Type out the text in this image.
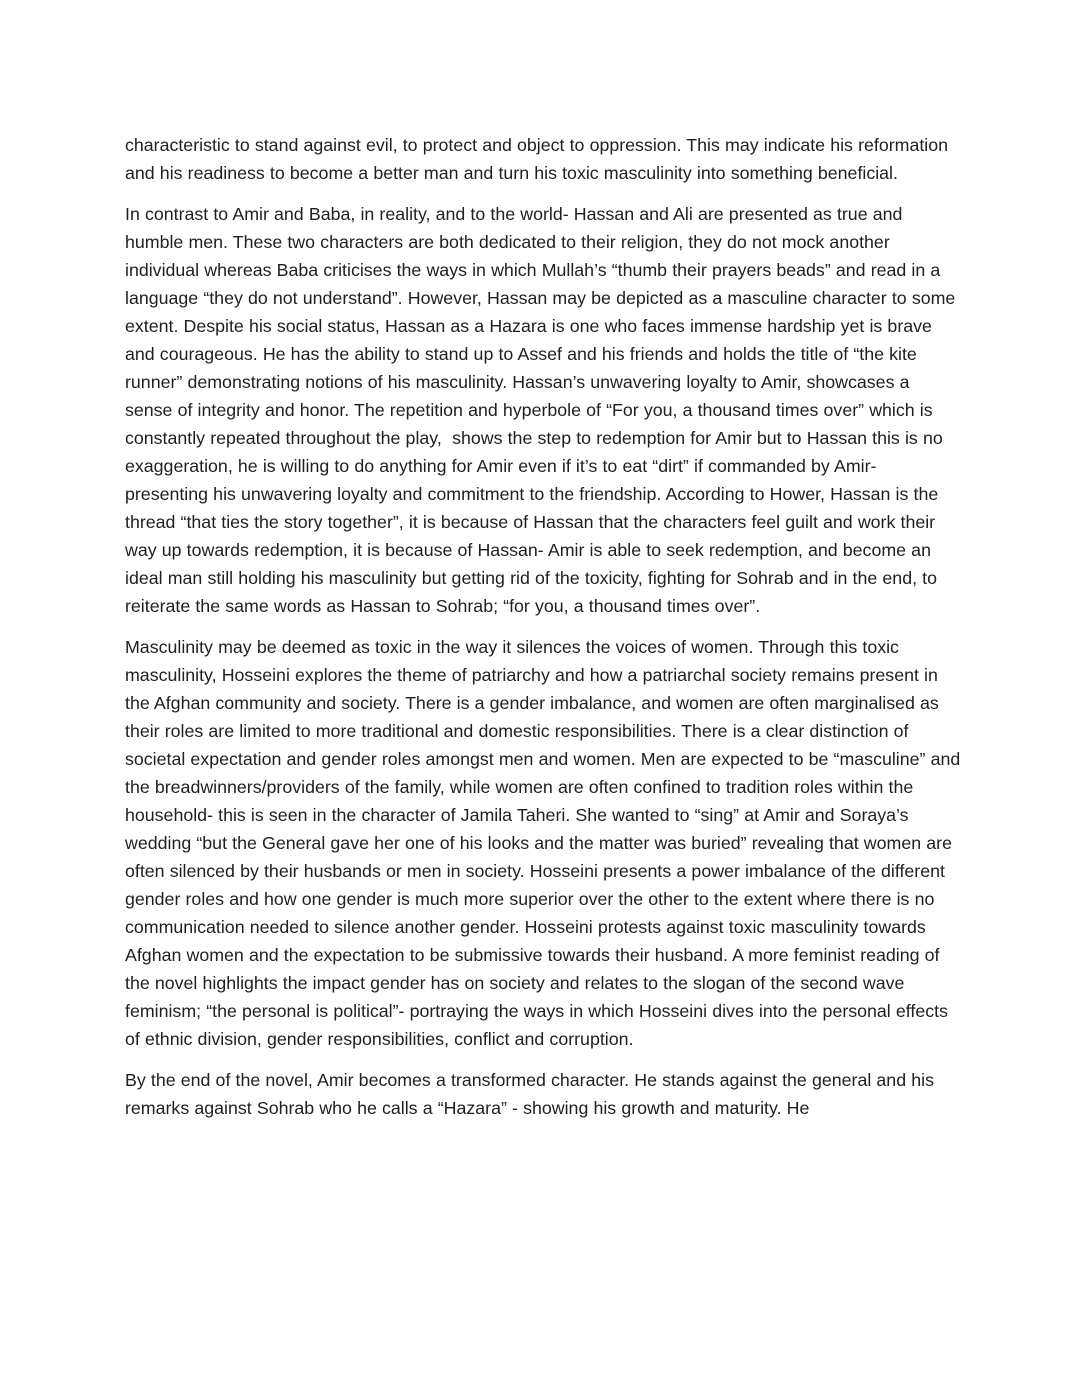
characteristic to stand against evil, to protect and object to oppression. This may indicate his reformation and his readiness to become a better man and turn his toxic masculinity into something beneficial.

In contrast to Amir and Baba, in reality, and to the world- Hassan and Ali are presented as true and humble men. These two characters are both dedicated to their religion, they do not mock another individual whereas Baba criticises the ways in which Mullah’s “thumb their prayers beads” and read in a language “they do not understand”. However, Hassan may be depicted as a masculine character to some extent. Despite his social status, Hassan as a Hazara is one who faces immense hardship yet is brave and courageous. He has the ability to stand up to Assef and his friends and holds the title of “the kite runner” demonstrating notions of his masculinity. Hassan’s unwavering loyalty to Amir, showcases a sense of integrity and honor. The repetition and hyperbole of “For you, a thousand times over” which is constantly repeated throughout the play,  shows the step to redemption for Amir but to Hassan this is no exaggeration, he is willing to do anything for Amir even if it’s to eat “dirt” if commanded by Amir- presenting his unwavering loyalty and commitment to the friendship. According to Hower, Hassan is the thread “that ties the story together”, it is because of Hassan that the characters feel guilt and work their way up towards redemption, it is because of Hassan- Amir is able to seek redemption, and become an ideal man still holding his masculinity but getting rid of the toxicity, fighting for Sohrab and in the end, to reiterate the same words as Hassan to Sohrab; “for you, a thousand times over”.

Masculinity may be deemed as toxic in the way it silences the voices of women. Through this toxic masculinity, Hosseini explores the theme of patriarchy and how a patriarchal society remains present in the Afghan community and society. There is a gender imbalance, and women are often marginalised as their roles are limited to more traditional and domestic responsibilities. There is a clear distinction of societal expectation and gender roles amongst men and women. Men are expected to be “masculine” and the breadwinners/providers of the family, while women are often confined to tradition roles within the household- this is seen in the character of Jamila Taheri. She wanted to “sing” at Amir and Soraya’s wedding “but the General gave her one of his looks and the matter was buried” revealing that women are often silenced by their husbands or men in society. Hosseini presents a power imbalance of the different gender roles and how one gender is much more superior over the other to the extent where there is no communication needed to silence another gender. Hosseini protests against toxic masculinity towards Afghan women and the expectation to be submissive towards their husband. A more feminist reading of the novel highlights the impact gender has on society and relates to the slogan of the second wave feminism; “the personal is political”- portraying the ways in which Hosseini dives into the personal effects of ethnic division, gender responsibilities, conflict and corruption.

By the end of the novel, Amir becomes a transformed character. He stands against the general and his remarks against Sohrab who he calls a “Hazara” - showing his growth and maturity. He
